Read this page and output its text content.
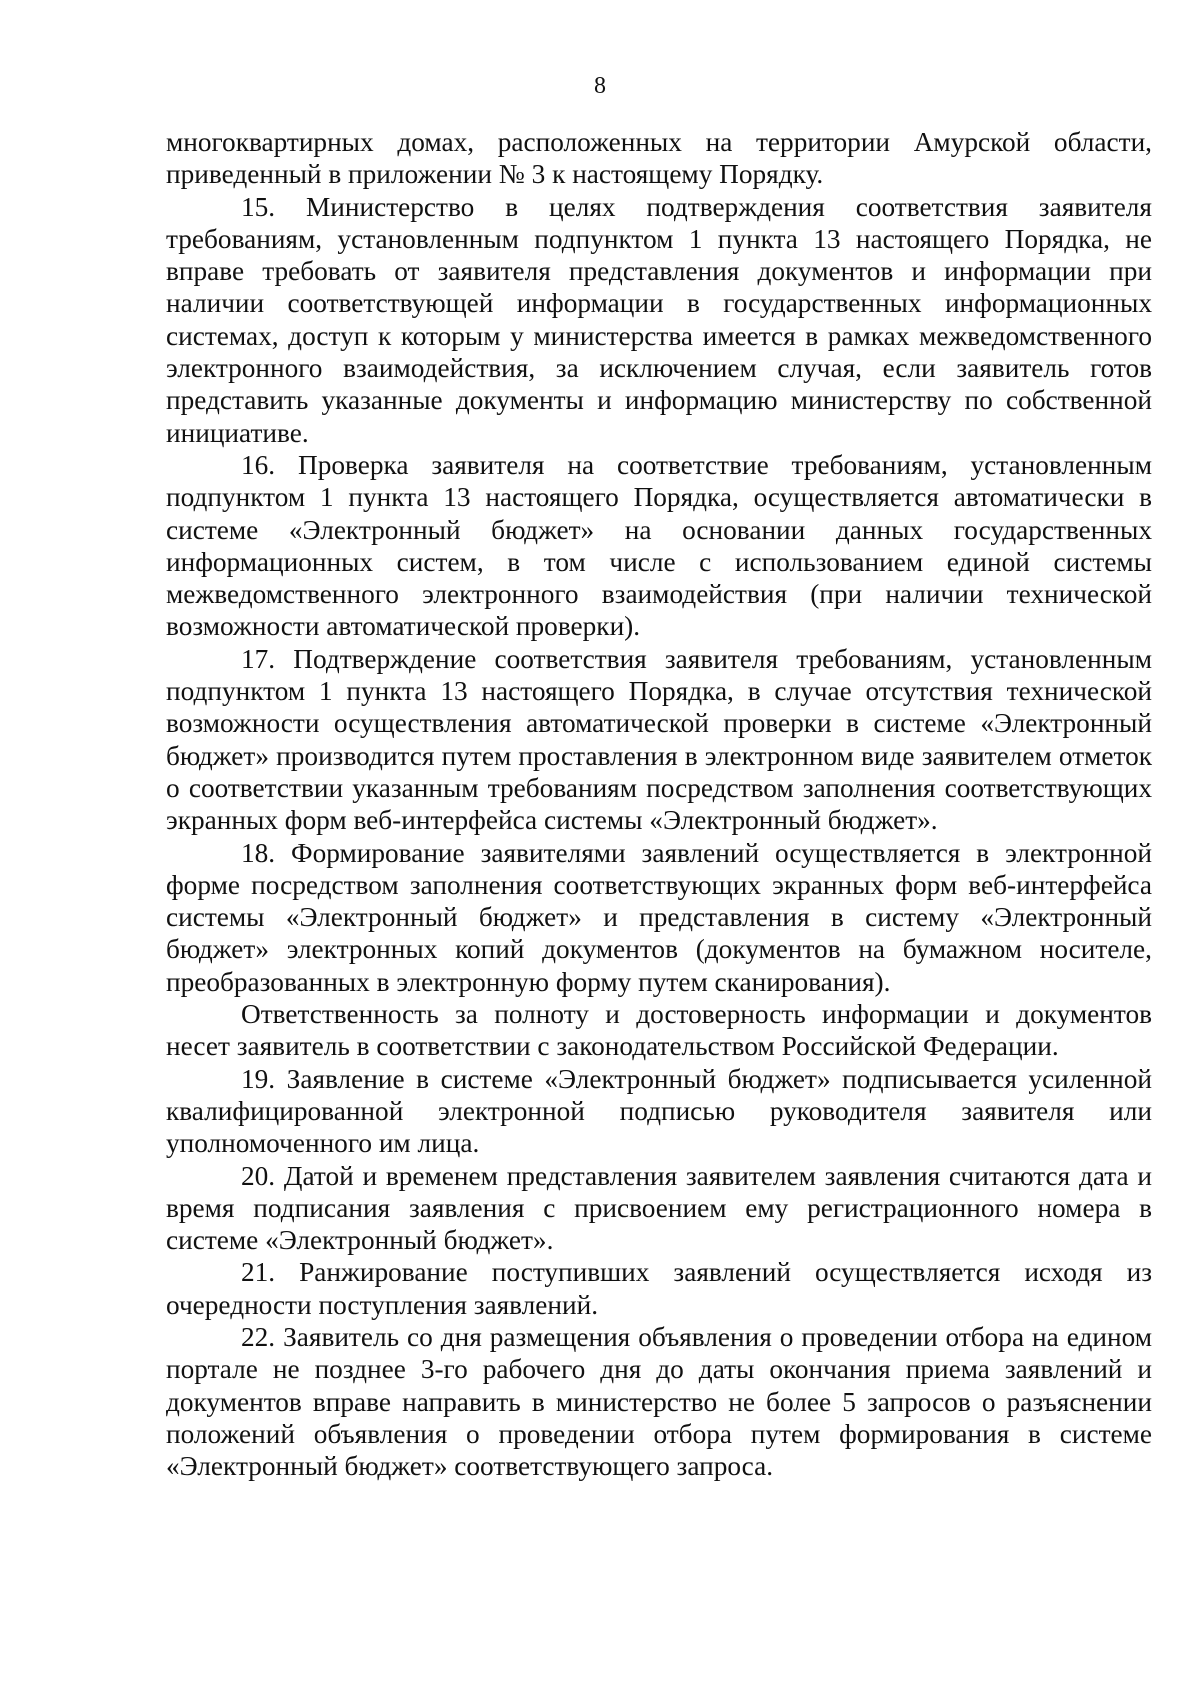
8

многоквартирных домах, расположенных на территории Амурской области, приведенный в приложении № 3 к настоящему Порядку.

15. Министерство в целях подтверждения соответствия заявителя требованиям, установленным подпунктом 1 пункта 13 настоящего Порядка, не вправе требовать от заявителя представления документов и информации при наличии соответствующей информации в государственных информационных системах, доступ к которым у министерства имеется в рамках межведомственного электронного взаимодействия, за исключением случая, если заявитель готов представить указанные документы и информацию министерству по собственной инициативе.

16. Проверка заявителя на соответствие требованиям, установленным подпунктом 1 пункта 13 настоящего Порядка, осуществляется автоматически в системе «Электронный бюджет» на основании данных государственных информационных систем, в том числе с использованием единой системы межведомственного электронного взаимодействия (при наличии технической возможности автоматической проверки).

17. Подтверждение соответствия заявителя требованиям, установленным подпунктом 1 пункта 13 настоящего Порядка, в случае отсутствия технической возможности осуществления автоматической проверки в системе «Электронный бюджет» производится путем проставления в электронном виде заявителем отметок о соответствии указанным требованиям посредством заполнения соответствующих экранных форм веб-интерфейса системы «Электронный бюджет».

18. Формирование заявителями заявлений осуществляется в электронной форме посредством заполнения соответствующих экранных форм веб-интерфейса системы «Электронный бюджет» и представления в систему «Электронный бюджет» электронных копий документов (документов на бумажном носителе, преобразованных в электронную форму путем сканирования).

Ответственность за полноту и достоверность информации и документов несет заявитель в соответствии с законодательством Российской Федерации.

19. Заявление в системе «Электронный бюджет» подписывается усиленной квалифицированной электронной подписью руководителя заявителя или уполномоченного им лица.

20. Датой и временем представления заявителем заявления считаются дата и время подписания заявления с присвоением ему регистрационного номера в системе «Электронный бюджет».

21. Ранжирование поступивших заявлений осуществляется исходя из очередности поступления заявлений.

22. Заявитель со дня размещения объявления о проведении отбора на едином портале не позднее 3-го рабочего дня до даты окончания приема заявлений и документов вправе направить в министерство не более 5 запросов о разъяснении положений объявления о проведении отбора путем формирования в системе «Электронный бюджет» соответствующего запроса.
